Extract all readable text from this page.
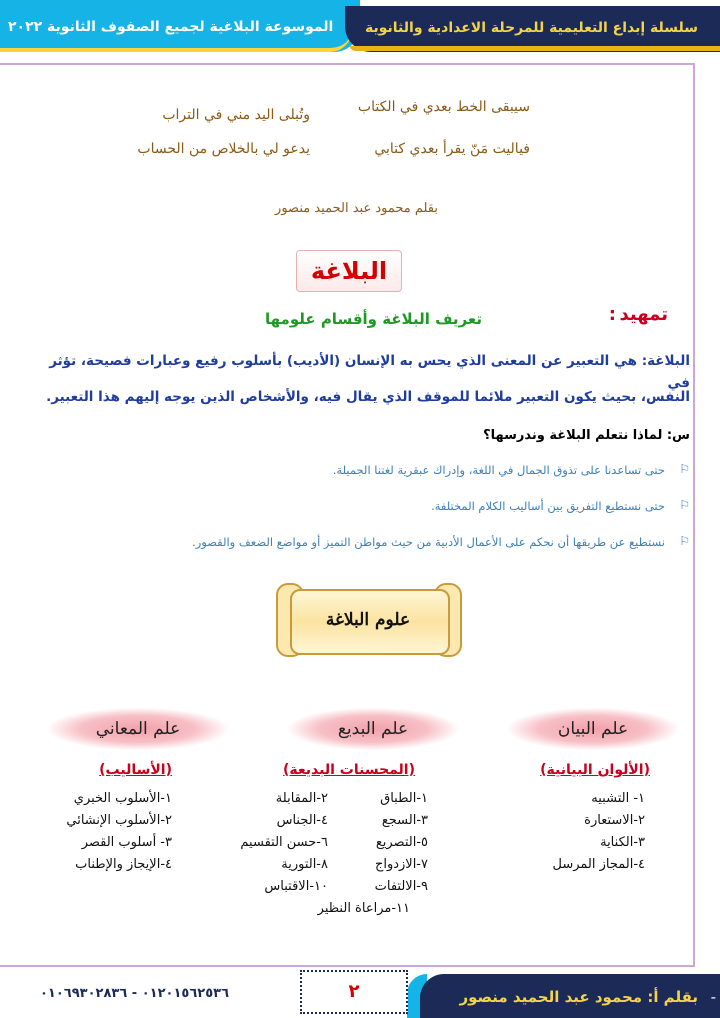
سلسلة إبداع التعليمية للمرحلة الاعدادية والثانوية
الموسوعة البلاغية لجميع الصفوف الثانوية ٢٠٢٢
سيبقى الخط بعدي في الكتاب
وتُبلى اليد مني في التراب
فياليت مَنّ يقرأ بعدي كتابي
يدعو لي بالخلاص من الحساب
بقلم محمود عبد الحميد منصور
البلاغة
تمهيد
:
تعريف البلاغة وأقسام علومها
البلاغة: هي التعبير عن المعنى الذي يحس به الإنسان (الأديب) بأسلوب رفيع وعبارات فصيحة، تؤثر في
النفس، بحيث يكون التعبير ملائما للموقف الذي يقال فيه، والأشخاص الذين يوجه إليهم هذا التعبير.
س: لماذا نتعلم البلاغة وندرسها؟
⚐
حتى تساعدنا على تذوق الجمال في اللغة، وإدراك عبقرية لغتنا الجميلة.
⚐
حتى نستطيع التفريق بين أساليب الكلام المختلفة.
⚐
نستطيع عن طريقها أن نحكم على الأعمال الأدبية من حيث مواطن التميز أو مواضع الضعف والقصور.
علوم البلاغة
علم البيان
(الألوان البيانية)
١- التشبيه
٢-الاستعارة
٣-الكناية
٤-المجاز المرسل
علم البديع
(المحسنات البديعة)
١-الطباق
٣-السجع
٥-التصريع
٧-الازدواج
٩-الالتفات
٢-المقابلة
٤-الجناس
٦-حسن التقسيم
٨-التورية
١٠-الاقتباس
١١-مراعاة النظير
علم المعاني
(الأساليب)
١-الأسلوب الخبري
٢-الأسلوب الإنشائي
٣- أسلوب القصر
٤-الإيجاز والإطناب
-
بقلم أ: محمود عبد الحميد منصور
٢
٠١٢٠١٥٦٢٥٣٦ - ٠١٠٦٩٣٠٢٨٣٦
